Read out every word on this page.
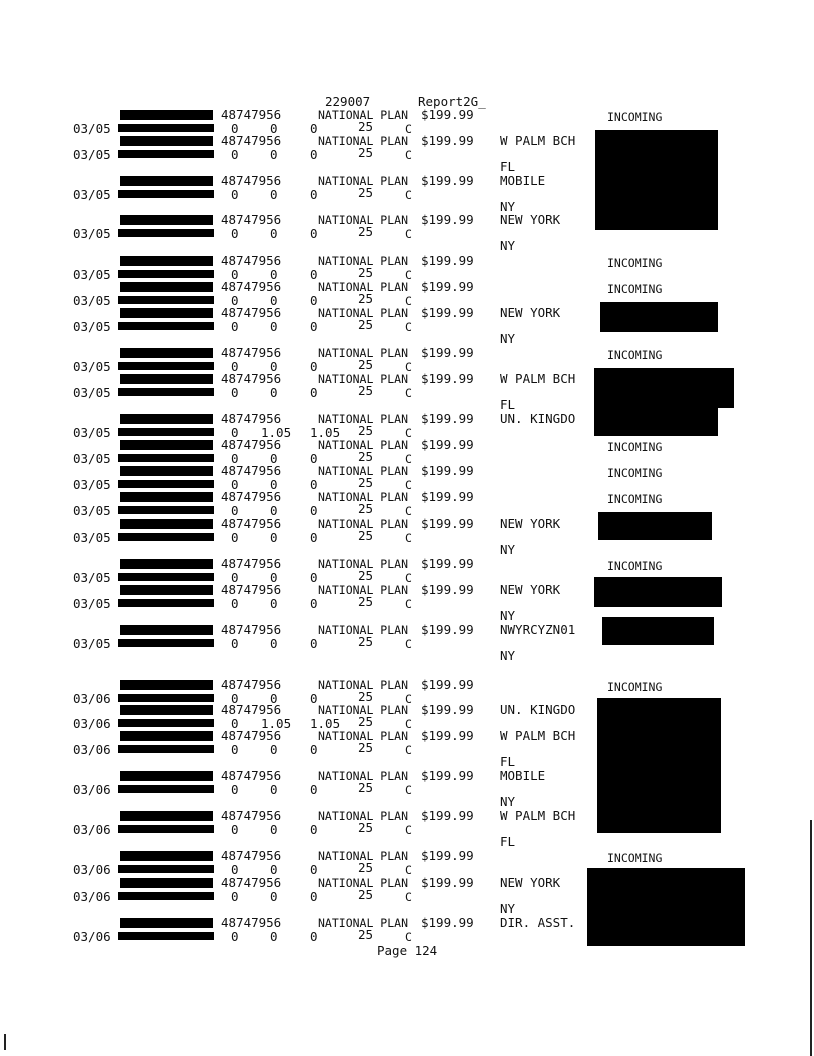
229007	Report2G_
48747956	NATIONAL PLAN $199.99	INCOMING
03/05	0	0	0	25	C
48747956	NATIONAL PLAN $199.99 W PALM BCH
03/05	0	0	0	25	C
FL
48747956	NATIONAL PLAN $199.99 MOBILE
03/05	0	0	0	25	C
NY
48747956	NATIONAL PLAN $199.99 NEW YORK
03/05	0	0	0	25	C
NY
48747956	NATIONAL PLAN $199.99	INCOMING
03/05	0	0	0	25	C
48747956	NATIONAL PLAN $199.99	INCOMING
03/05	0	0	0	25	C
48747956	NATIONAL PLAN $199.99 NEW YORK
03/05	0	0	0	25	C
NY
48747956	NATIONAL PLAN $199.99	INCOMING
03/05	0	0	0	25	C
48747956	NATIONAL PLAN $199.99 W PALM BCH
03/05	0	0	0	25	C
FL
48747956	NATIONAL PLAN $199.99 UN. KINGDO
03/05	0 1.05 1.05 25	C
48747956	NATIONAL PLAN $199.99	INCOMING
03/05	0	0	0	25	C
48747956	NATIONAL PLAN $199.99	INCOMING
03/05	0	0	0	25	C
48747956	NATIONAL PLAN $199.99	INCOMING
03/05	0	0	0	25	C
48747956	NATIONAL PLAN $199.99 NEW YORK
03/05	0	0	0	25	C
NY
48747956	NATIONAL PLAN $199.99	INCOMING
03/05	0	0	0	25	C
48747956	NATIONAL PLAN $199.99 NEW YORK
03/05	0	0	0	25	C
NY
48747956	NATIONAL PLAN $199.99 NWYRCYZN01
03/05	0	0	0	25	C
NY
48747956	NATIONAL PLAN $199.99	INCOMING
03/06	0	0	0	25	C
48747956	NATIONAL PLAN $199.99 UN. KINGDO
03/06	0 1.05 1.05 25	C
48747956	NATIONAL PLAN $199.99 W PALM BCH
03/06	0	0	0	25	C
FL
48747956	NATIONAL PLAN $199.99 MOBILE
03/06	0	0	0	25	C
NY
48747956	NATIONAL PLAN $199.99 W PALM BCH
03/06	0	0	0	25	C
FL
48747956	NATIONAL PLAN $199.99	INCOMING
03/06	0	0	0	25	C
48747956	NATIONAL PLAN $199.99 NEW YORK
03/06	0	0	0	25	C
NY
48747956	NATIONAL PLAN $199.99 DIR. ASST.
03/06	0	0	0	25	C
Page 124
